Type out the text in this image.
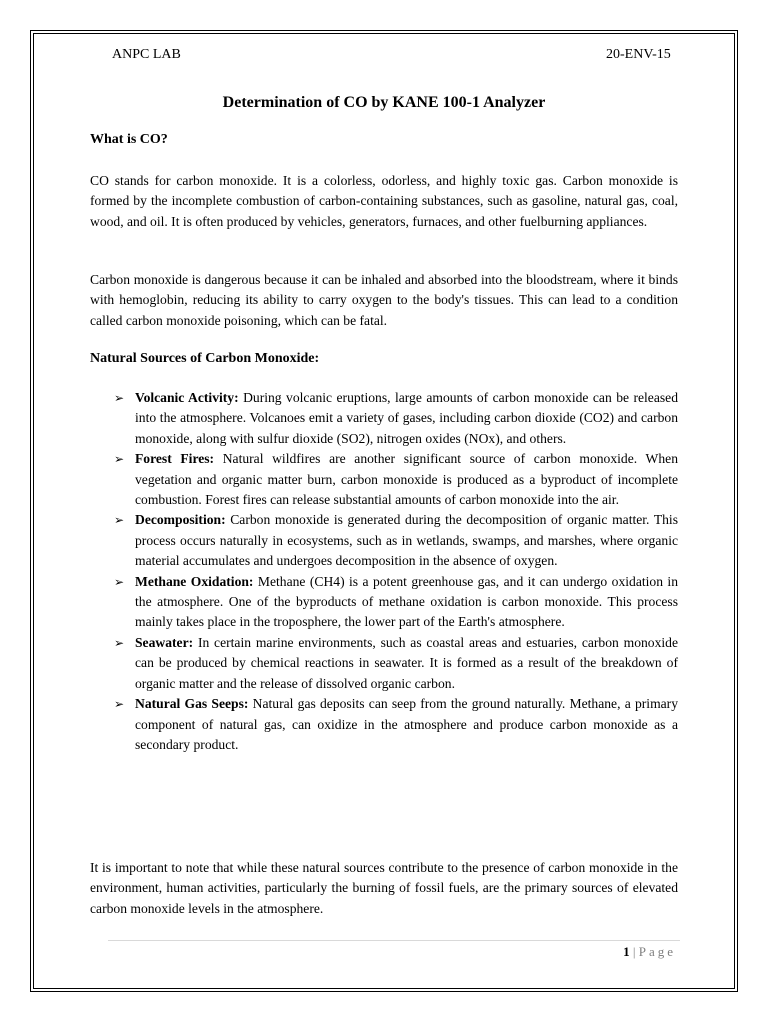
ANPC LAB	20-ENV-15
Determination of CO by KANE 100-1 Analyzer
What is CO?
CO stands for carbon monoxide. It is a colorless, odorless, and highly toxic gas. Carbon monoxide is formed by the incomplete combustion of carbon-containing substances, such as gasoline, natural gas, coal, wood, and oil. It is often produced by vehicles, generators, furnaces, and other fuelburning appliances.
Carbon monoxide is dangerous because it can be inhaled and absorbed into the bloodstream, where it binds with hemoglobin, reducing its ability to carry oxygen to the body's tissues. This can lead to a condition called carbon monoxide poisoning, which can be fatal.
Natural Sources of Carbon Monoxide:
➢ Volcanic Activity: During volcanic eruptions, large amounts of carbon monoxide can be released into the atmosphere. Volcanoes emit a variety of gases, including carbon dioxide (CO2) and carbon monoxide, along with sulfur dioxide (SO2), nitrogen oxides (NOx), and others.
➢ Forest Fires: Natural wildfires are another significant source of carbon monoxide. When vegetation and organic matter burn, carbon monoxide is produced as a byproduct of incomplete combustion. Forest fires can release substantial amounts of carbon monoxide into the air.
➢ Decomposition: Carbon monoxide is generated during the decomposition of organic matter. This process occurs naturally in ecosystems, such as in wetlands, swamps, and marshes, where organic material accumulates and undergoes decomposition in the absence of oxygen.
➢ Methane Oxidation: Methane (CH4) is a potent greenhouse gas, and it can undergo oxidation in the atmosphere. One of the byproducts of methane oxidation is carbon monoxide. This process mainly takes place in the troposphere, the lower part of the Earth's atmosphere.
➢ Seawater: In certain marine environments, such as coastal areas and estuaries, carbon monoxide can be produced by chemical reactions in seawater. It is formed as a result of the breakdown of organic matter and the release of dissolved organic carbon.
➢ Natural Gas Seeps: Natural gas deposits can seep from the ground naturally. Methane, a primary component of natural gas, can oxidize in the atmosphere and produce carbon monoxide as a secondary product.
It is important to note that while these natural sources contribute to the presence of carbon monoxide in the environment, human activities, particularly the burning of fossil fuels, are the primary sources of elevated carbon monoxide levels in the atmosphere.
1 | Page
